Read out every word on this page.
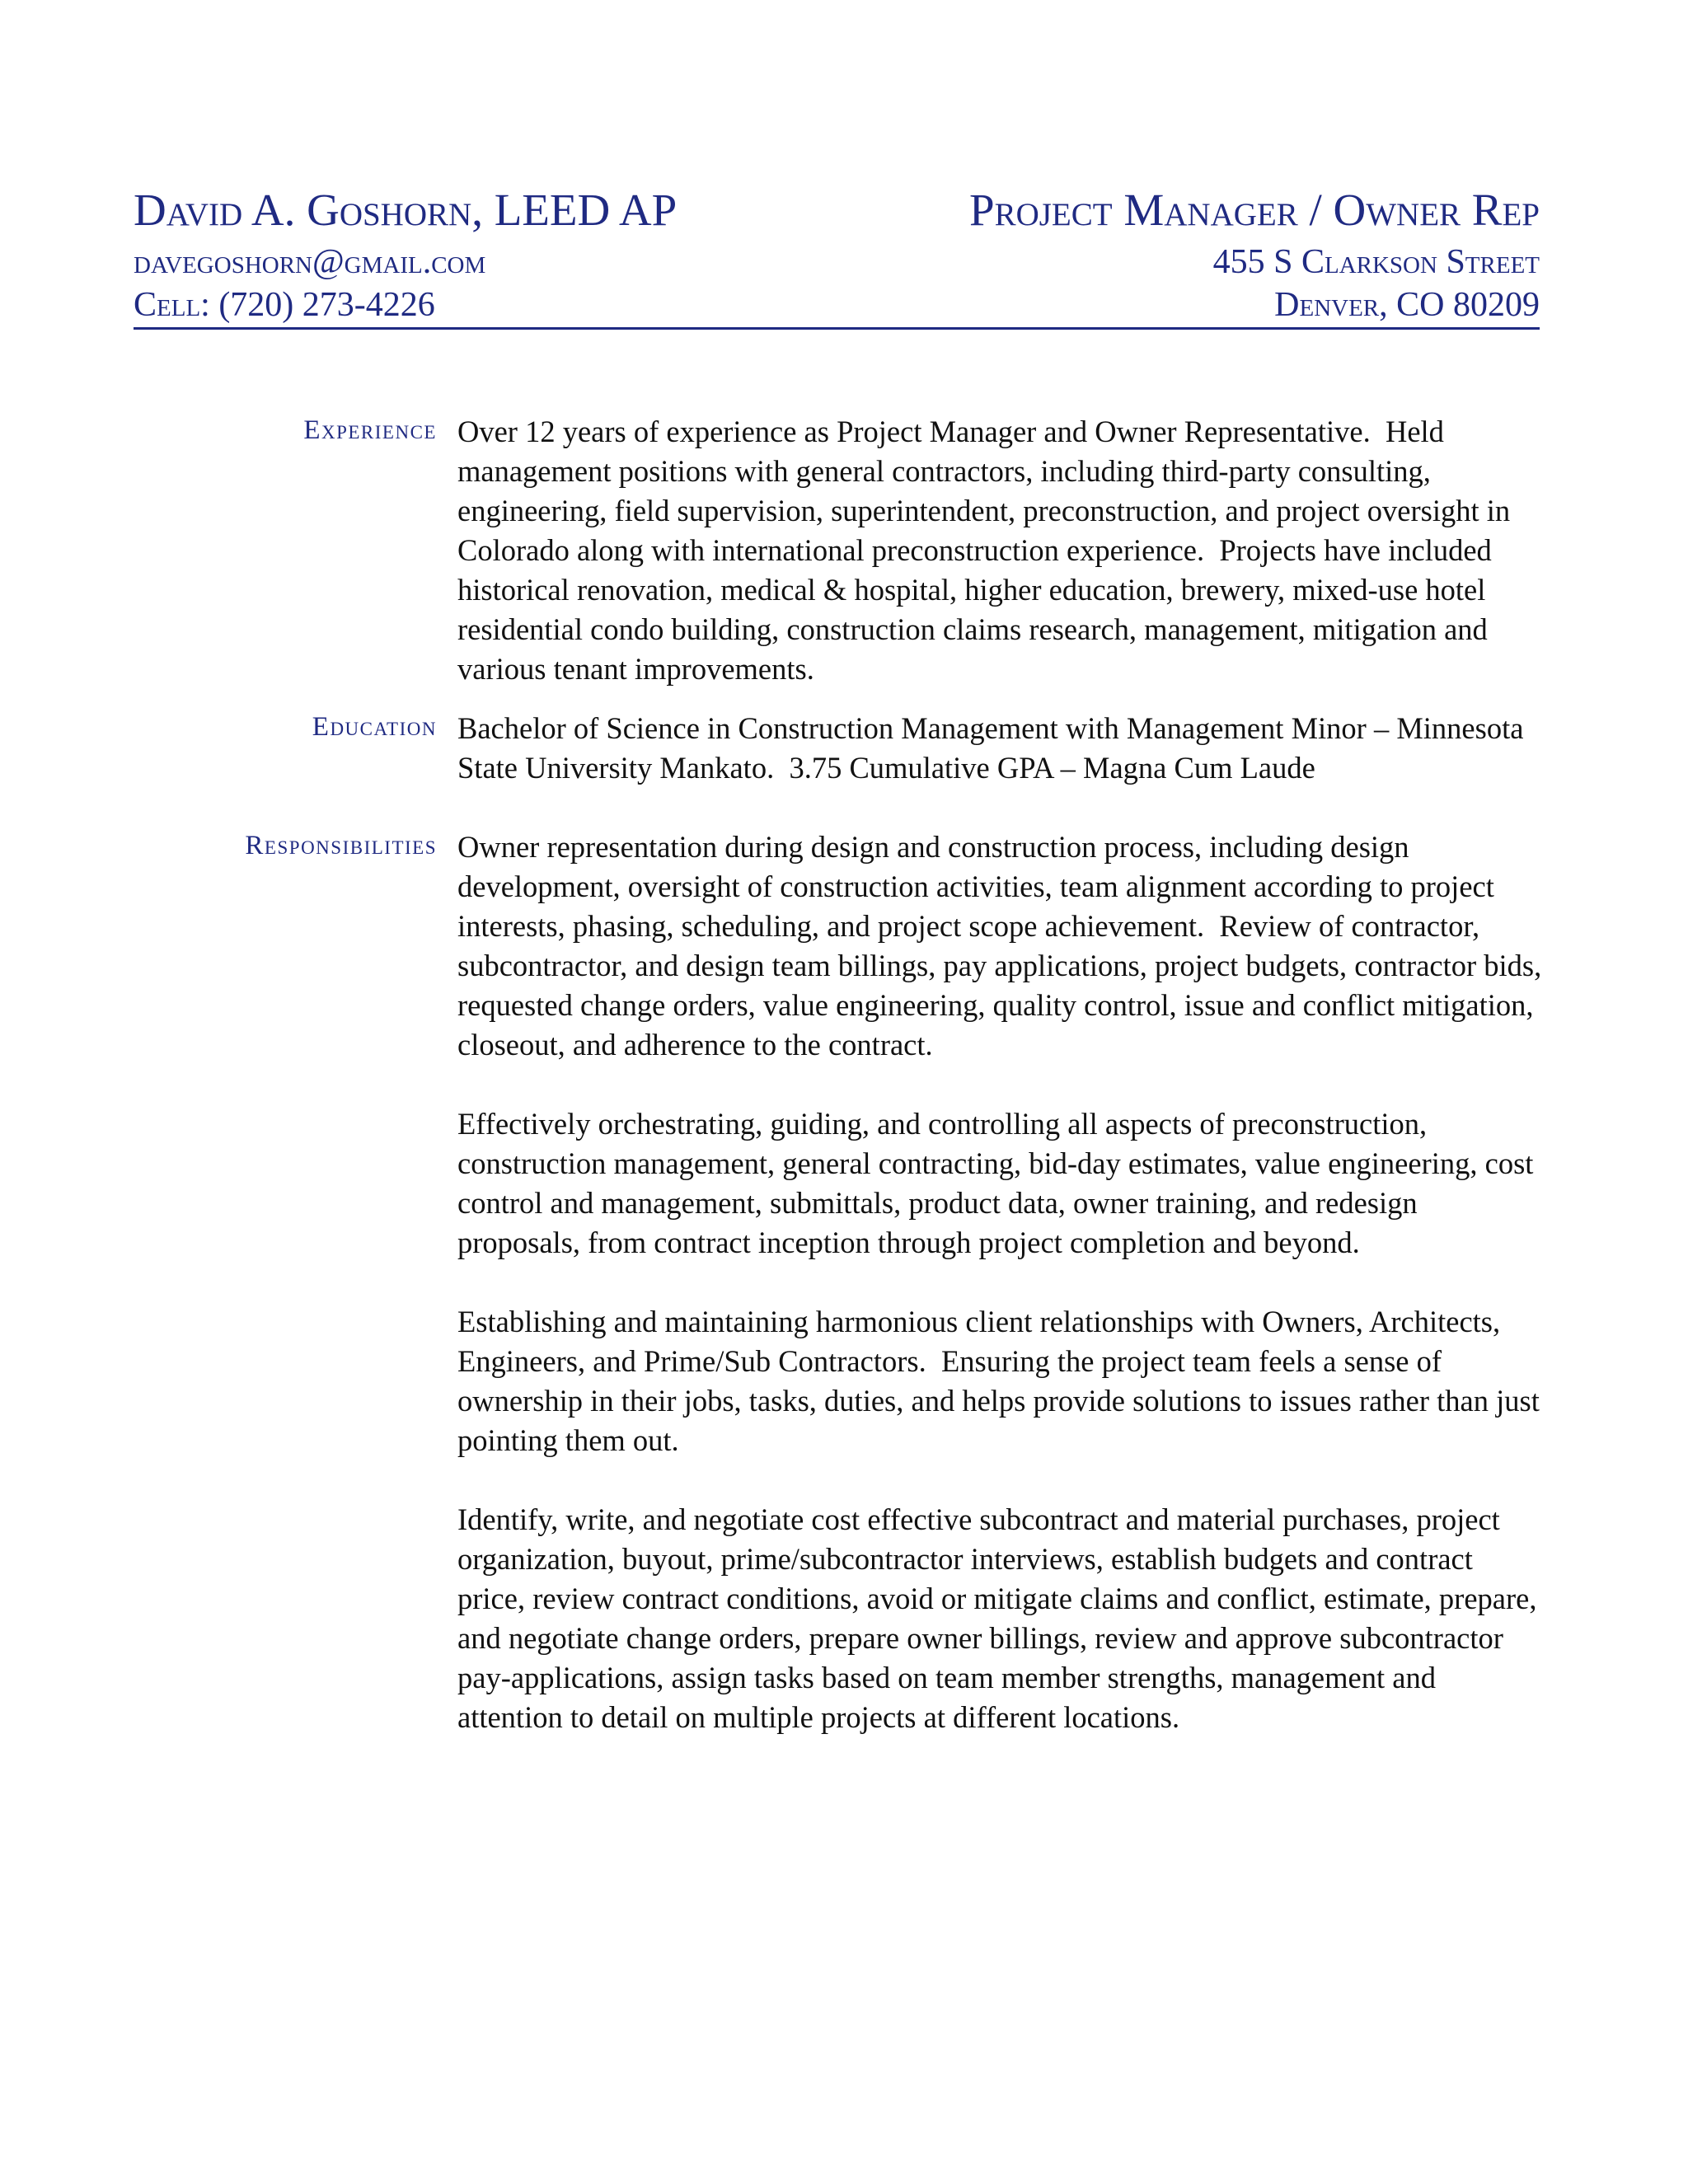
David A. Goshorn, LEED AP
davegoshorn@gmail.com
Cell: (720) 273-4226
Project Manager / Owner Rep
455 S Clarkson Street
Denver, CO 80209
Experience Over 12 years of experience as Project Manager and Owner Representative.  Held management positions with general contractors, including third-party consulting, engineering, field supervision, superintendent, preconstruction, and project oversight in Colorado along with international preconstruction experience.  Projects have included historical renovation, medical & hospital, higher education, brewery, mixed-use hotel residential condo building, construction claims research, management, mitigation and various tenant improvements.

Education Bachelor of Science in Construction Management with Management Minor – Minnesota State University Mankato.  3.75 Cumulative GPA – Magna Cum Laude

Responsibilities Owner representation during design and construction process, including design development, oversight of construction activities, team alignment according to project interests, phasing, scheduling, and project scope achievement.  Review of contractor, subcontractor, and design team billings, pay applications, project budgets, contractor bids, requested change orders, value engineering, quality control, issue and conflict mitigation, closeout, and adherence to the contract.

Effectively orchestrating, guiding, and controlling all aspects of preconstruction, construction management, general contracting, bid-day estimates, value engineering, cost control and management, submittals, product data, owner training, and redesign proposals, from contract inception through project completion and beyond.

Establishing and maintaining harmonious client relationships with Owners, Architects, Engineers, and Prime/Sub Contractors.  Ensuring the project team feels a sense of ownership in their jobs, tasks, duties, and helps provide solutions to issues rather than just pointing them out.

Identify, write, and negotiate cost effective subcontract and material purchases, project organization, buyout, prime/subcontractor interviews, establish budgets and contract price, review contract conditions, avoid or mitigate claims and conflict, estimate, prepare, and negotiate change orders, prepare owner billings, review and approve subcontractor pay-applications, assign tasks based on team member strengths, management and attention to detail on multiple projects at different locations.
